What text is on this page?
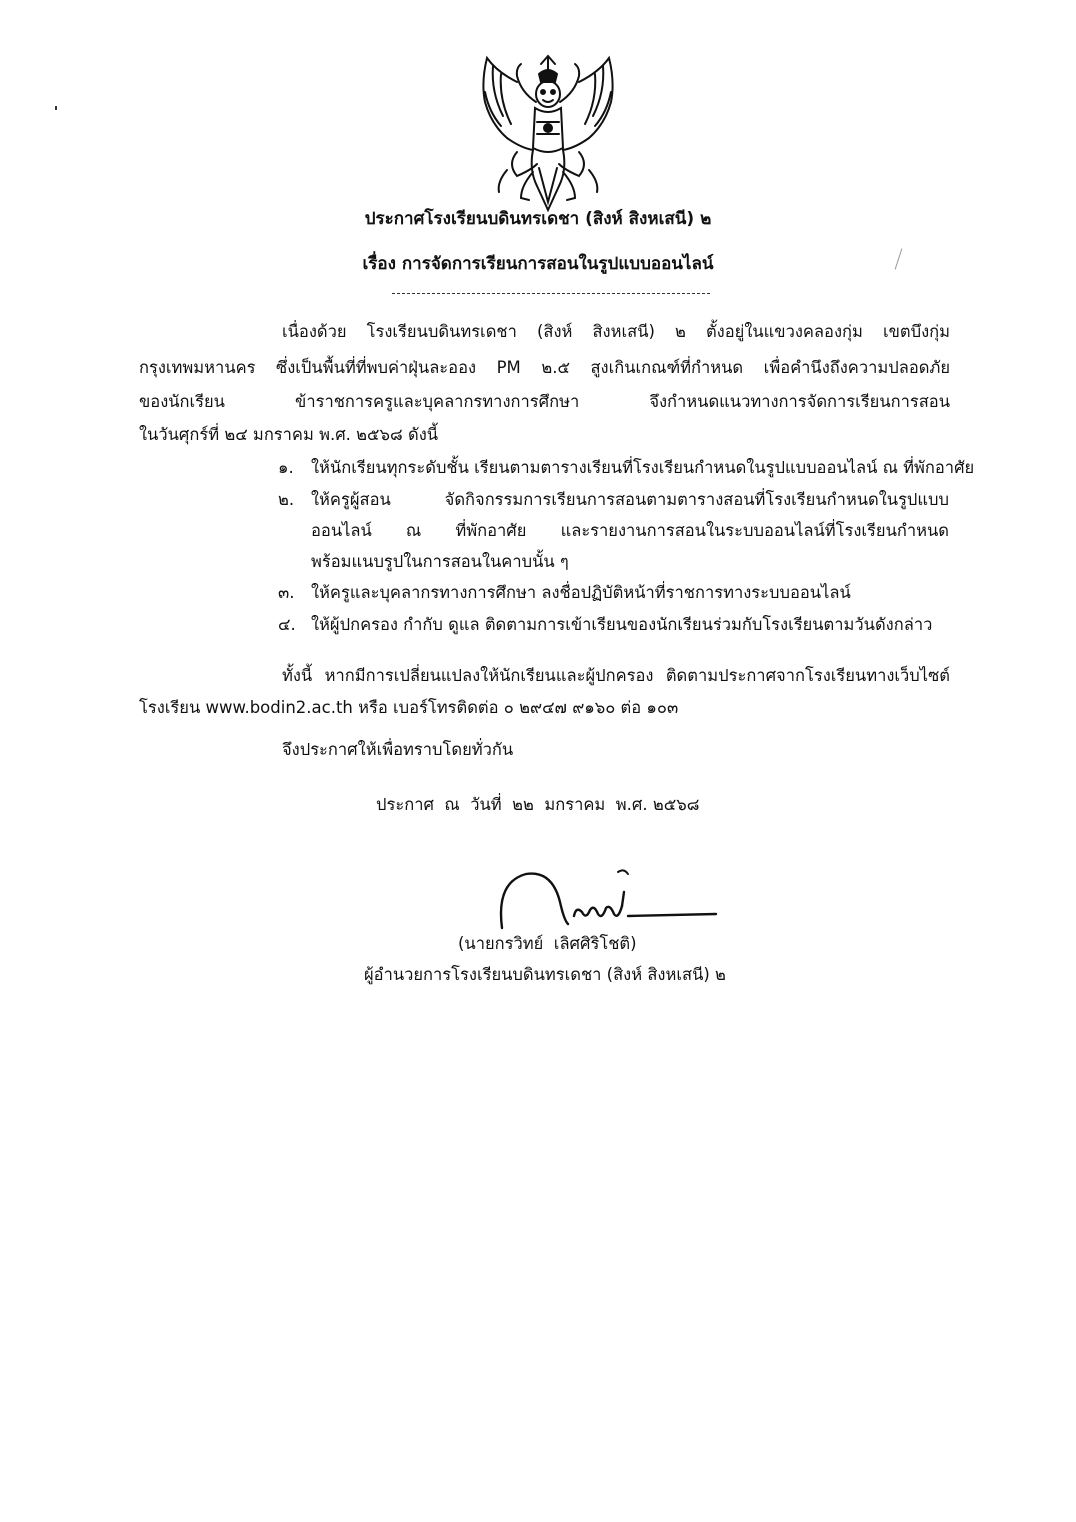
ประกาศโรงเรียนบดินทรเดชา (สิงห์ สิงหเสนี) ๒
เรื่อง การจัดการเรียนการสอนในรูปแบบออนไลน์
เนื่องด้วย โรงเรียนบดินทรเดชา (สิงห์ สิงหเสนี) ๒ ตั้งอยู่ในแขวงคลองกุ่ม เขตบึงกุ่ม
กรุงเทพมหานคร ซึ่งเป็นพื้นที่ที่พบค่าฝุ่นละออง PM ๒.๕ สูงเกินเกณฑ์ที่กำหนด เพื่อคำนึงถึงความปลอดภัย
ของนักเรียน ข้าราชการครูและบุคลากรทางการศึกษา จึงกำหนดแนวทางการจัดการเรียนการสอน
ในวันศุกร์ที่ ๒๔ มกราคม พ.ศ. ๒๕๖๘ ดังนี้
๑. ให้นักเรียนทุกระดับชั้น เรียนตามตารางเรียนที่โรงเรียนกำหนดในรูปแบบออนไลน์ ณ ที่พักอาศัย
๒. ให้ครูผู้สอน จัดกิจกรรมการเรียนการสอนตามตารางสอนที่โรงเรียนกำหนดในรูปแบบ
ออนไลน์ ณ ที่พักอาศัย และรายงานการสอนในระบบออนไลน์ที่โรงเรียนกำหนด
พร้อมแนบรูปในการสอนในคาบนั้น ๆ
๓. ให้ครูและบุคลากรทางการศึกษา ลงชื่อปฏิบัติหน้าที่ราชการทางระบบออนไลน์
๔. ให้ผู้ปกครอง กำกับ ดูแล ติดตามการเข้าเรียนของนักเรียนร่วมกับโรงเรียนตามวันดังกล่าว
ทั้งนี้ หากมีการเปลี่ยนแปลงให้นักเรียนและผู้ปกครอง ติดตามประกาศจากโรงเรียนทางเว็บไซต์
โรงเรียน www.bodin2.ac.th หรือ เบอร์โทรติดต่อ ๐ ๒๙๔๗ ๙๑๖๐ ต่อ ๑๐๓
จึงประกาศให้เพื่อทราบโดยทั่วกัน
ประกาศ  ณ  วันที่  ๒๒  มกราคม  พ.ศ. ๒๕๖๘
(นายกรวิทย์  เลิศศิริโชติ)
ผู้อำนวยการโรงเรียนบดินทรเดชา (สิงห์ สิงหเสนี) ๒
